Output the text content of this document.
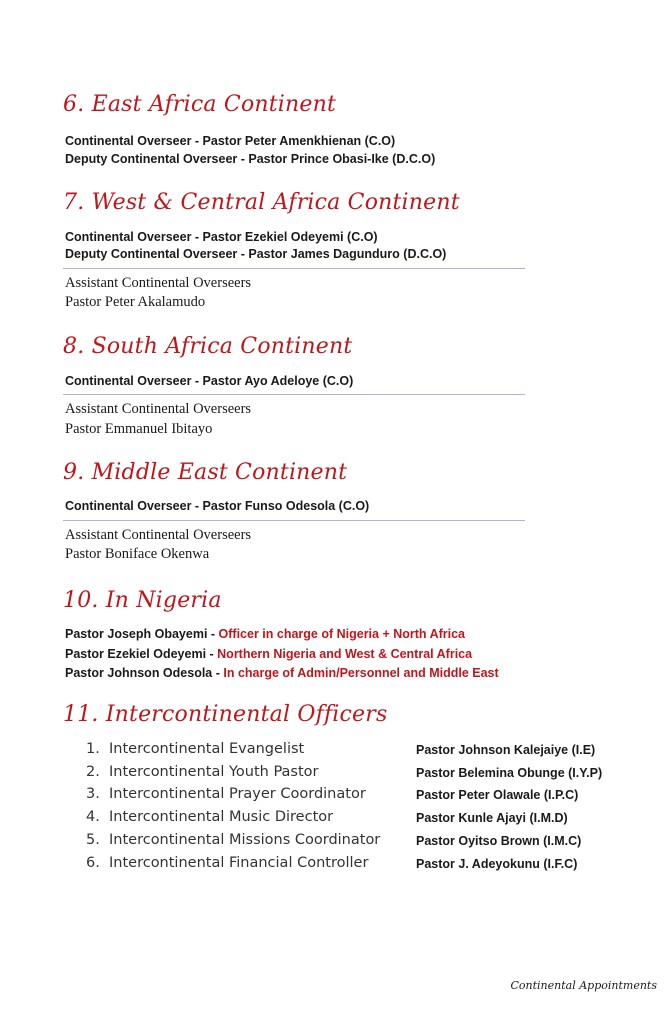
6. East Africa Continent

Continental Overseer - Pastor Peter Amenkhienan (C.O)

Deputy Continental Overseer - Pastor Prince Obasi-Ike (D.C.O)

7. West & Central Africa Continent

Continental Overseer - Pastor Ezekiel Odeyemi (C.O)

Deputy Continental Overseer - Pastor James Dagunduro (D.C.O)

Assistant Continental Overseers

Pastor Peter Akalamudo

8. South Africa Continent

Continental Overseer - Pastor Ayo Adeloye (C.O)

Assistant Continental Overseers

Pastor Emmanuel Ibitayo

9. Middle East Continent

Continental Overseer - Pastor Funso Odesola (C.O)

Assistant Continental Overseers

Pastor Boniface Okenwa

10. In Nigeria

Pastor Joseph Obayemi - Officer in charge of Nigeria + North Africa

Pastor Ezekiel Odeyemi - Northern Nigeria and West & Central Africa

Pastor Johnson Odesola - In charge of Admin/Personnel and Middle East

11. Intercontinental Officers

1. Intercontinental Evangelist	Pastor Johnson Kalejaiye (I.E)

2. Intercontinental Youth Pastor	Pastor Belemina Obunge (I.Y.P)

3. Intercontinental Prayer Coordinator	Pastor Peter Olawale (I.P.C)

4. Intercontinental Music Director	Pastor Kunle Ajayi (I.M.D)

5. Intercontinental Missions Coordinator	Pastor Oyitso Brown (I.M.C)

6. Intercontinental Financial Controller	Pastor J. Adeyokunu (I.F.C)

Continental Appointments
